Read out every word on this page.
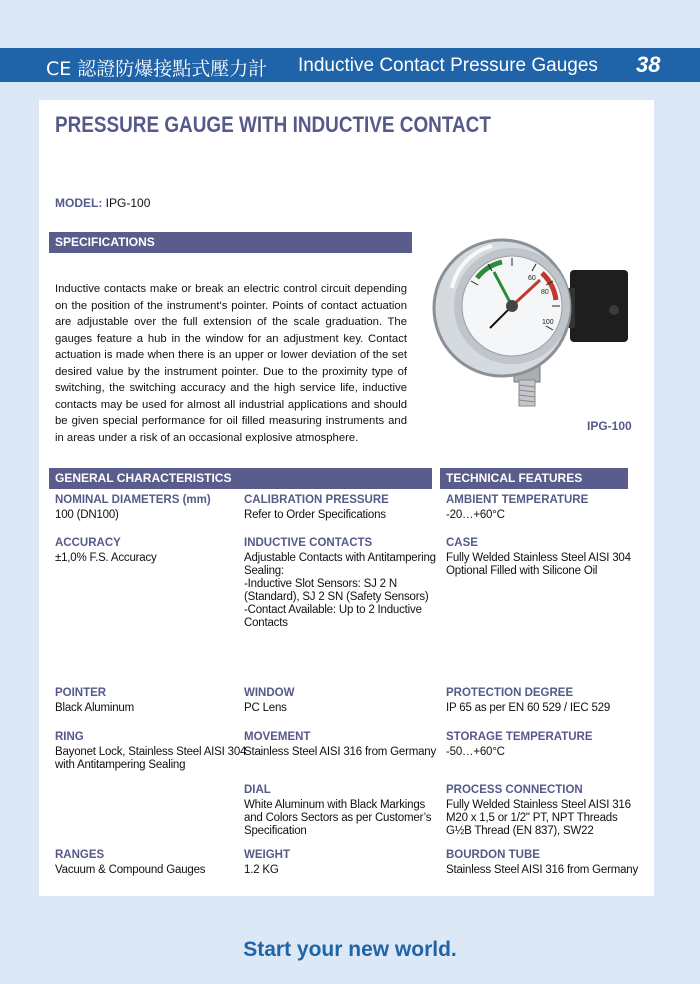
CE 認證防爆接點式壓力計 Inductive Contact Pressure Gauges 38
PRESSURE GAUGE WITH INDUCTIVE CONTACT
MODEL: IPG-100
SPECIFICATIONS

Inductive contacts make or break an electric control circuit depending on the position of the instrument's pointer. Points of contact actuation are adjustable over the full extension of the scale graduation. The gauges feature a hub in the window for an adjustment key. Contact actuation is made when there is an upper or lower deviation of the set desired value by the instrument pointer. Due to the proximity type of switching, the switching accuracy and the high service life, inductive contacts may be used for almost all industrial applications and should be given special performance for oil filled measuring instruments and in areas under a risk of an occasional explosive atmosphere.

60
80
100
IPG-100
GENERAL CHARACTERISTICS	TECHNICAL FEATURES
NOMINAL DIAMETERS (mm)
100 (DN100)
CALIBRATION PRESSURE
Refer to Order Specifications
AMBIENT TEMPERATURE
-20…+60°C
ACCURACY
±1,0% F.S. Accuracy
INDUCTIVE CONTACTS
Adjustable Contacts with Antitampering
Sealing:
-Inductive Slot Sensors: SJ 2 N
(Standard), SJ 2 SN (Safety Sensors)
-Contact Available: Up to 2 Inductive
Contacts
CASE
Fully Welded Stainless Steel AISI 304
Optional Filled with Silicone Oil
POINTER
Black Aluminum
WINDOW
PC Lens
PROTECTION DEGREE
IP 65 as per EN 60 529 / IEC 529
RING
Bayonet Lock, Stainless Steel AISI 304
with Antitampering Sealing
MOVEMENT
Stainless Steel AISI 316 from Germany
STORAGE TEMPERATURE
-50…+60°C
DIAL
White Aluminum with Black Markings
and Colors Sectors as per Customer’s
Specification
PROCESS CONNECTION
Fully Welded Stainless Steel AISI 316
M20 x 1,5 or 1/2" PT, NPT Threads
G½B Thread (EN 837), SW22
RANGES
Vacuum & Compound Gauges
WEIGHT
1.2 KG
BOURDON TUBE
Stainless Steel AISI 316 from Germany
Start your new world.
